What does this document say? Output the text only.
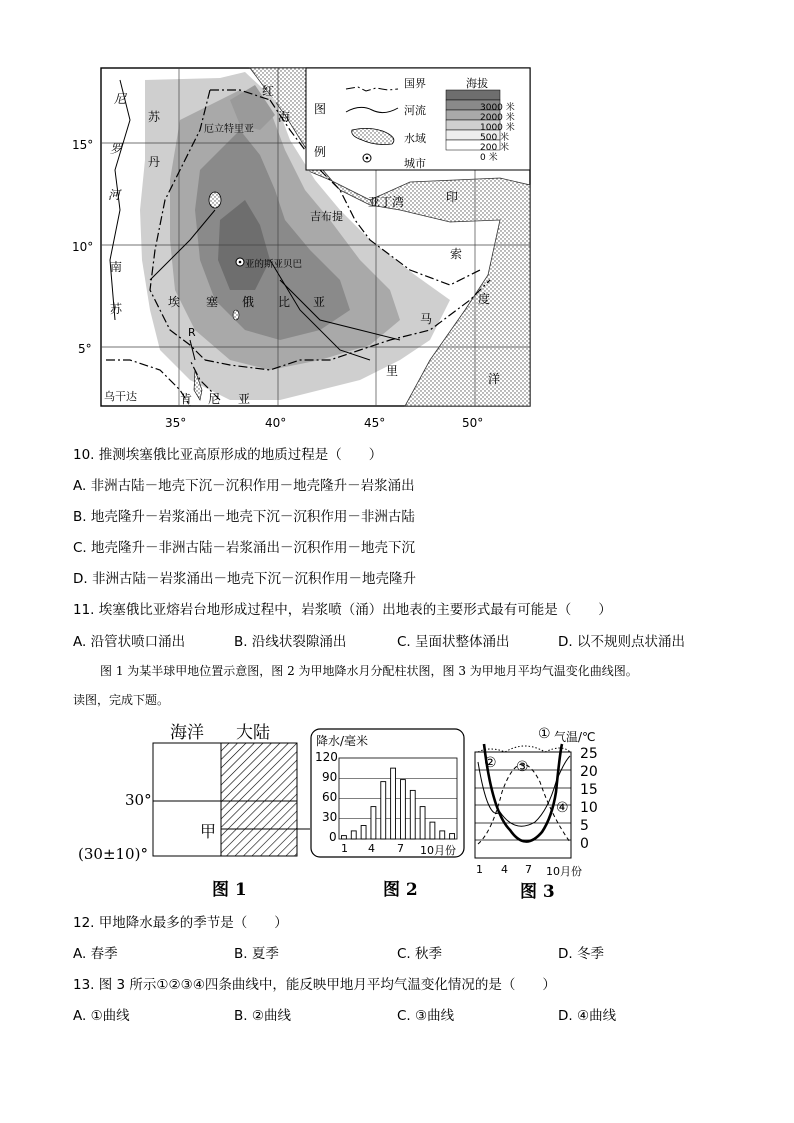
15°
10°
5°
35°	40°	45°	50°
尼
苏
罗
丹
河
厄立特里亚
红
海
吉布提
亚丁湾	印
亚的斯亚贝巴
南
苏	埃 塞 俄 比 亚
索
度
马
里
洋
R
乌干达	肯 尼 亚
图
例
国界
河流
水域
城市
海拔
3000 米
2000 米
1000 米
500 米
200 米
0 米
10. 推测埃塞俄比亚高原形成的地质过程是（　　）
A. 非洲古陆－地壳下沉－沉积作用－地壳隆升－岩浆涌出
B. 地壳隆升－岩浆涌出－地壳下沉－沉积作用－非洲古陆
C. 地壳隆升－非洲古陆－岩浆涌出－沉积作用－地壳下沉
D. 非洲古陆－岩浆涌出－地壳下沉－沉积作用－地壳隆升
11. 埃塞俄比亚熔岩台地形成过程中，岩浆喷（涌）出地表的主要形式最有可能是（　　）
A. 沿管状喷口涌出	B. 沿线状裂隙涌出	C. 呈面状整体涌出	D. 以不规则点状涌出
图 1 为某半球甲地位置示意图，图 2 为甲地降水月分配柱状图，图 3 为甲地月平均气温变化曲线图。
读图，完成下题。
海洋 大陆
30°
甲
(30±10)°
图 1
降水/毫米
120
90
60
30
0
1 4 7 10月份
图 2
① 气温/℃
② ③
④
25
20
15
10
5
0
1 4 7 10月份
图 3
12. 甲地降水最多的季节是（　　）
A. 春季	B. 夏季	C. 秋季	D. 冬季
13. 图 3 所示①②③④四条曲线中，能反映甲地月平均气温变化情况的是（　　）
A. ①曲线	B. ②曲线	C. ③曲线	D. ④曲线
